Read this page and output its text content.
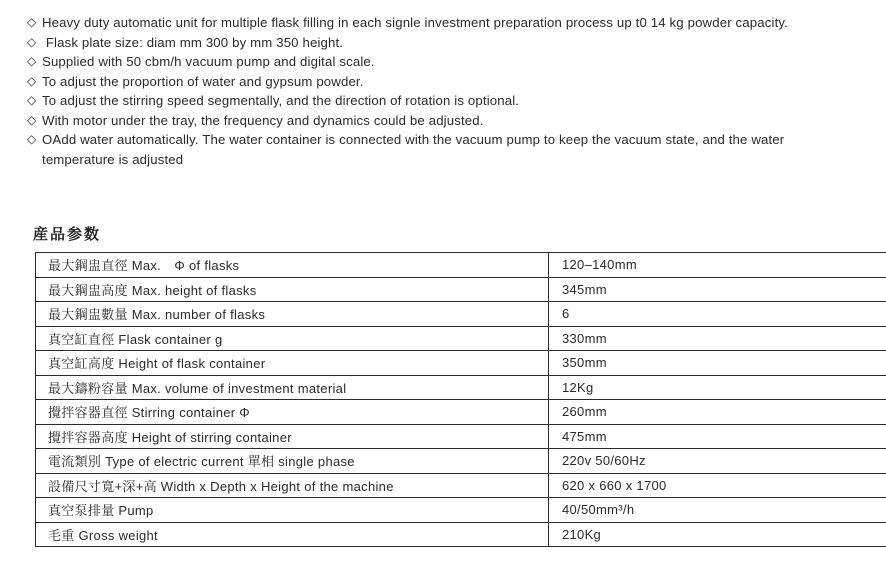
◇ Heavy duty automatic unit for multiple flask filling in each signle investment preparation process up t0 14 kg powder capacity.
◇ Flask plate size: diam mm 300 by mm 350 height.
◇ Supplied with 50 cbm/h vacuum pump and digital scale.
◇ To adjust the proportion of water and gypsum powder.
◇ To adjust the stirring speed segmentally, and the direction of rotation is optional.
◇ With motor under the tray, the frequency and dynamics could be adjusted.
◇ OAdd water automatically. The water container is connected with the vacuum pump to keep the vacuum state, and the water temperature is adjusted
産品参数
最大鋼盅直徑 Max.　Φ of flasks	120–140mm
最大鋼盅高度 Max. height of flasks	345mm
最大鋼盅數量 Max. number of flasks	6
真空缸直徑 Flask container g	330mm
真空缸高度 Height of flask container	350mm
最大鑄粉容量 Max. volume of investment material	12Kg
攪拌容器直徑 Stirring container Φ	260mm
攪拌容器高度 Height of stirring container	475mm
電流類別 Type of electric current 單相 single phase	220v 50/60Hz
設備尺寸寬+深+高 Width x Depth x Height of the machine	620 x 660 x 1700
真空泵排量 Pump	40/50mm³/h
毛重 Gross weight	210Kg
